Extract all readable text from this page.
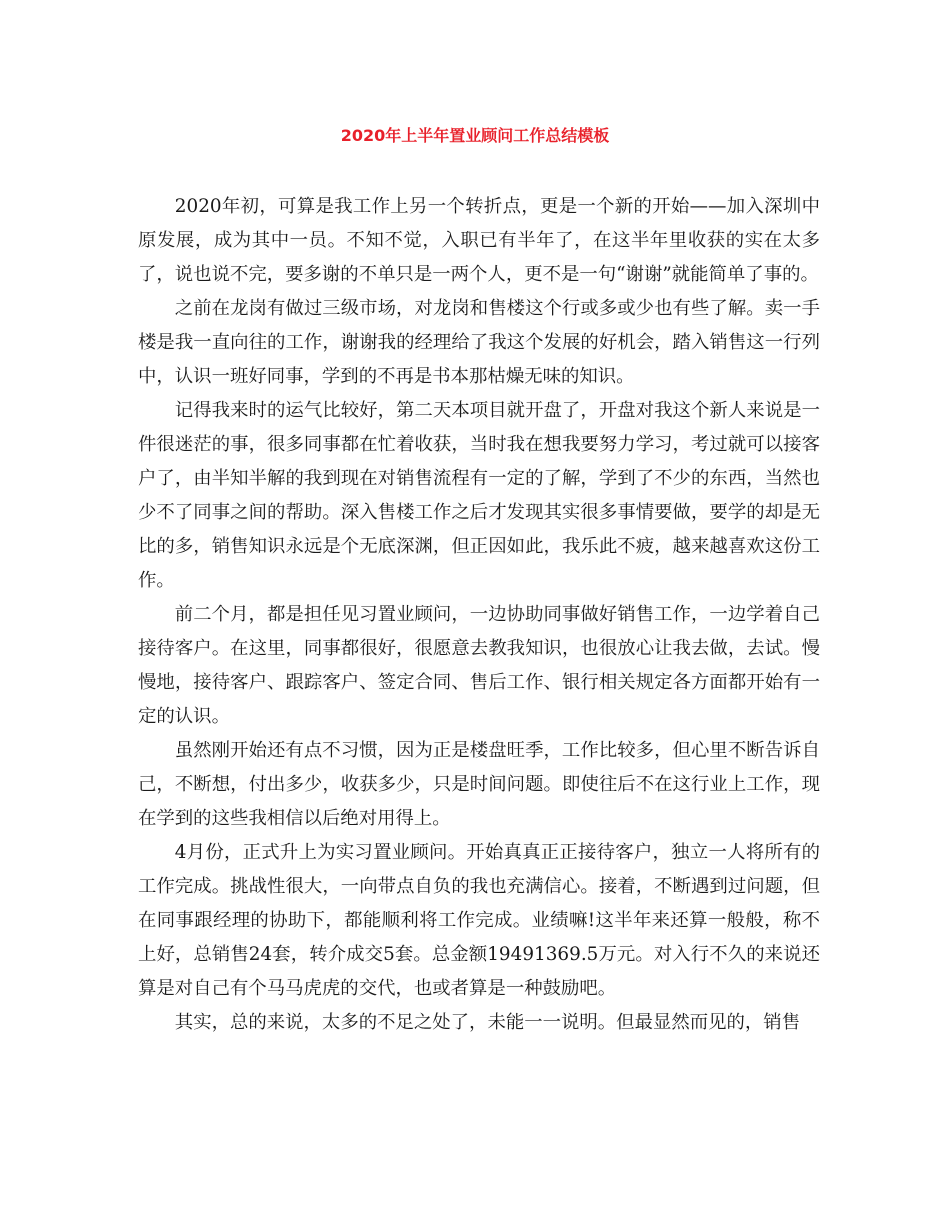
2020年上半年置业顾问工作总结模板

2020年初，可算是我工作上另一个转折点，更是一个新的开始——加入深圳中原发展，成为其中一员。不知不觉，入职已有半年了，在这半年里收获的实在太多了，说也说不完，要多谢的不单只是一两个人，更不是一句“谢谢”就能简单了事的。

之前在龙岗有做过三级市场，对龙岗和售楼这个行或多或少也有些了解。卖一手楼是我一直向往的工作，谢谢我的经理给了我这个发展的好机会，踏入销售这一行列中，认识一班好同事，学到的不再是书本那枯燥无味的知识。

记得我来时的运气比较好，第二天本项目就开盘了，开盘对我这个新人来说是一件很迷茫的事，很多同事都在忙着收获，当时我在想我要努力学习，考过就可以接客户了，由半知半解的我到现在对销售流程有一定的了解，学到了不少的东西，当然也少不了同事之间的帮助。深入售楼工作之后才发现其实很多事情要做，要学的却是无比的多，销售知识永远是个无底深渊，但正因如此，我乐此不疲，越来越喜欢这份工作。

前二个月，都是担任见习置业顾问，一边协助同事做好销售工作，一边学着自己接待客户。在这里，同事都很好，很愿意去教我知识，也很放心让我去做，去试。慢慢地，接待客户、跟踪客户、签定合同、售后工作、银行相关规定各方面都开始有一定的认识。

虽然刚开始还有点不习惯，因为正是楼盘旺季，工作比较多，但心里不断告诉自己，不断想，付出多少，收获多少，只是时间问题。即使往后不在这行业上工作，现在学到的这些我相信以后绝对用得上。

4月份，正式升上为实习置业顾问。开始真真正正接待客户，独立一人将所有的工作完成。挑战性很大，一向带点自负的我也充满信心。接着，不断遇到过问题，但在同事跟经理的协助下，都能顺利将工作完成。业绩嘛!这半年来还算一般般，称不上好，总销售24套，转介成交5套。总金额19491369.5万元。对入行不久的来说还算是对自己有个马马虎虎的交代，也或者算是一种鼓励吧。

其实，总的来说，太多的不足之处了，未能一一说明。但最显然而见的，销售
